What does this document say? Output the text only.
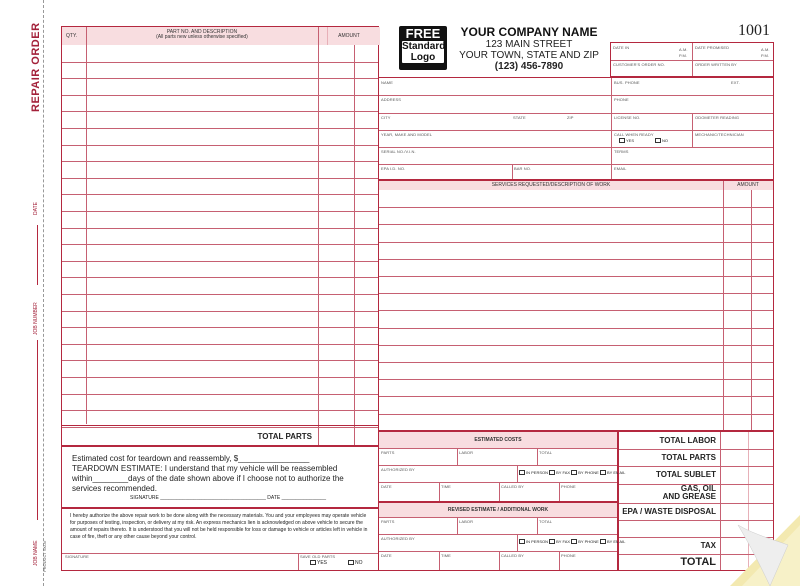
REPAIR ORDER
DATE
JOB NUMBER
JOB NAME PRODUCT SKU#
QTY.
PART NO. AND DESCRIPTION
(All parts new unless otherwise specified)	AMOUNT
TOTAL PARTS
Estimated cost for teardown and reassembly, $________________
TEARDOWN ESTIMATE: I understand that my vehicle will be reassembled
within________days of the date shown above if I choose not to authorize the
services recommended.
SIGNATURE ______________________________________ DATE ________________
I hereby authorize the above repair work to be done along with the necessary materials. You and your employees may operate vehicle for purposes of testing, inspection, or delivery at my risk. An express mechanics lien is acknowledged on above vehicle to secure the amount of repairs thereto. It is understood that you will not be held responsible for loss or damage to vehicle or articles left in vehicle in case of fire, theft or any other cause beyond your control.
SIGNATURE	SAVE OLD PARTS
YES	NO
FREE
Standard
Logo
YOUR COMPANY NAME
123 MAIN STREET
YOUR TOWN, STATE AND ZIP
(123) 456-7890
1001
DATE IN	A.M.
P.M.
DATE PROMISED	A.M.
P.M.
CUSTOMER'S ORDER NO.	ORDER WRITTEN BY
NAME
ADDRESS
CITY	STATE	ZIP
YEAR, MAKE AND MODEL
SERIAL NO./V.I.N.
EPA I.D. NO.	BAR NO.
BUS. PHONE	EXT.
PHONE
LICENSE NO.	ODOMETER READING
CALL WHEN READY
YES	NO
MECHANIC/TECHNICIAN
TERMS
EMAIL
SERVICES REQUESTED/DESCRIPTION OF WORK	AMOUNT
ESTIMATED COSTS
PARTS	LABOR	TOTAL
AUTHORIZED BY
IN PERSON BY FAX BY PHONE BY EMAIL
DATE	TIME	CALLED BY	PHONE
REVISED ESTIMATE / ADDITIONAL WORK
PARTS	LABOR	TOTAL
AUTHORIZED BY
IN PERSON BY FAX BY PHONE BY EMAIL
DATE	TIME	CALLED BY	PHONE
TOTAL LABOR
TOTAL PARTS
TOTAL SUBLET
GAS, OIL
AND GREASE
EPA / WASTE DISPOSAL
TAX
TOTAL
